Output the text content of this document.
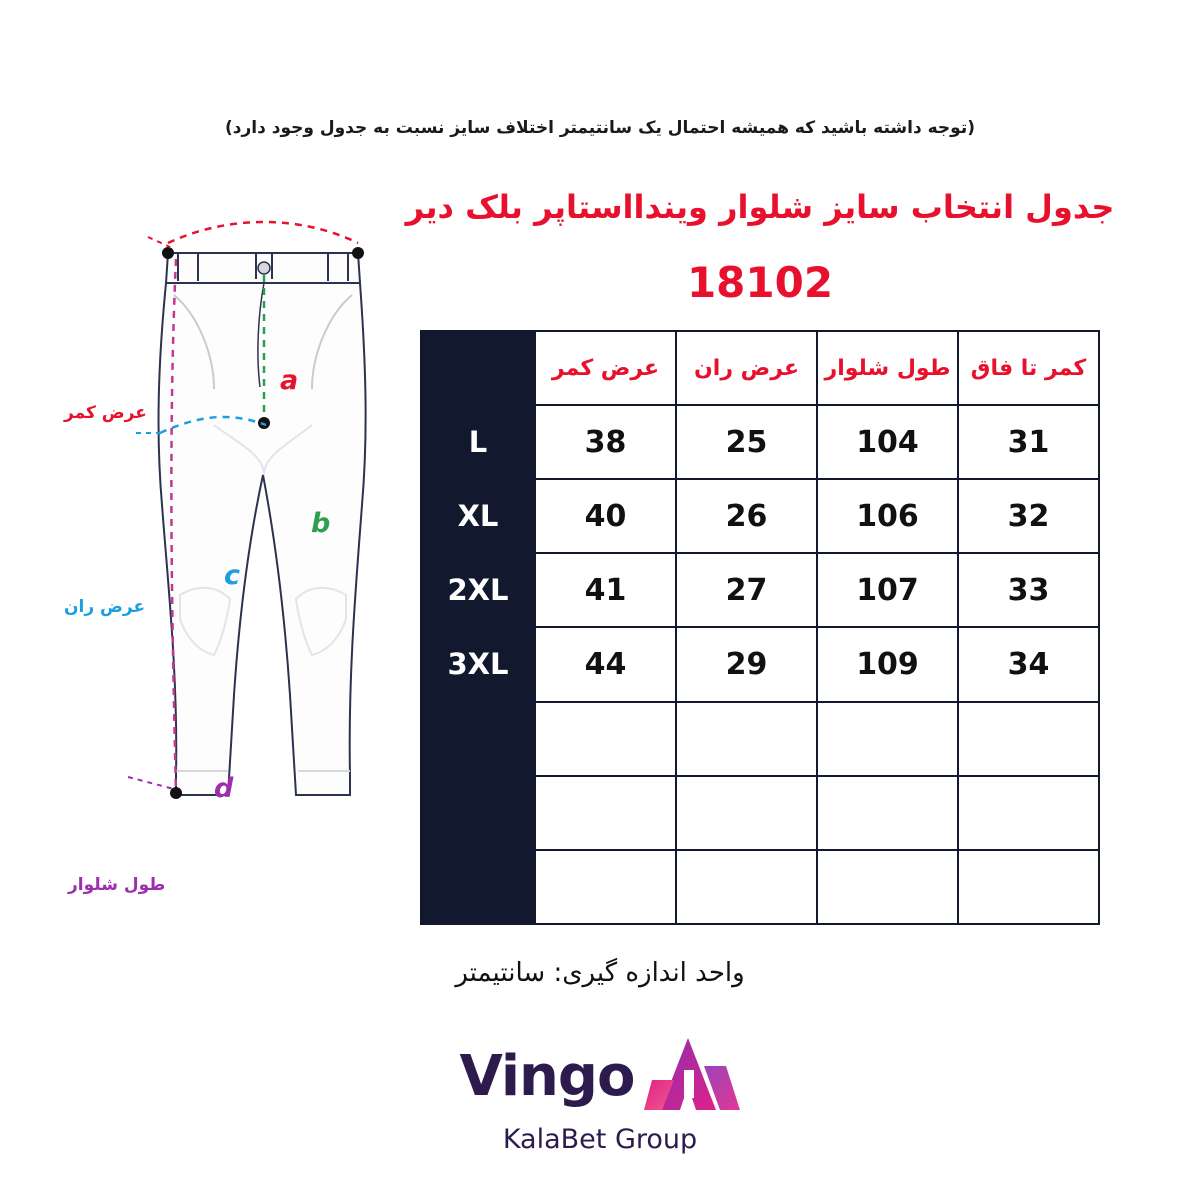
(توجه داشته باشید که همیشه احتمال یک سانتیمتر اختلاف سایز نسبت به جدول وجود دارد)
جدول انتخاب سایز شلوار ویندااستاپر بلک دیر
18102
a
b
c
d
عرض کمر
عرض ران
طول شلوار
کمر تا فاق	طول شلوار	عرض ران	عرض کمر	
31	104	25	38	L
32	106	26	40	XL
33	107	27	41	2XL
34	109	29	44	3XL

واحد اندازه گیری: سانتیمتر
Vingo
KalaBet Group
